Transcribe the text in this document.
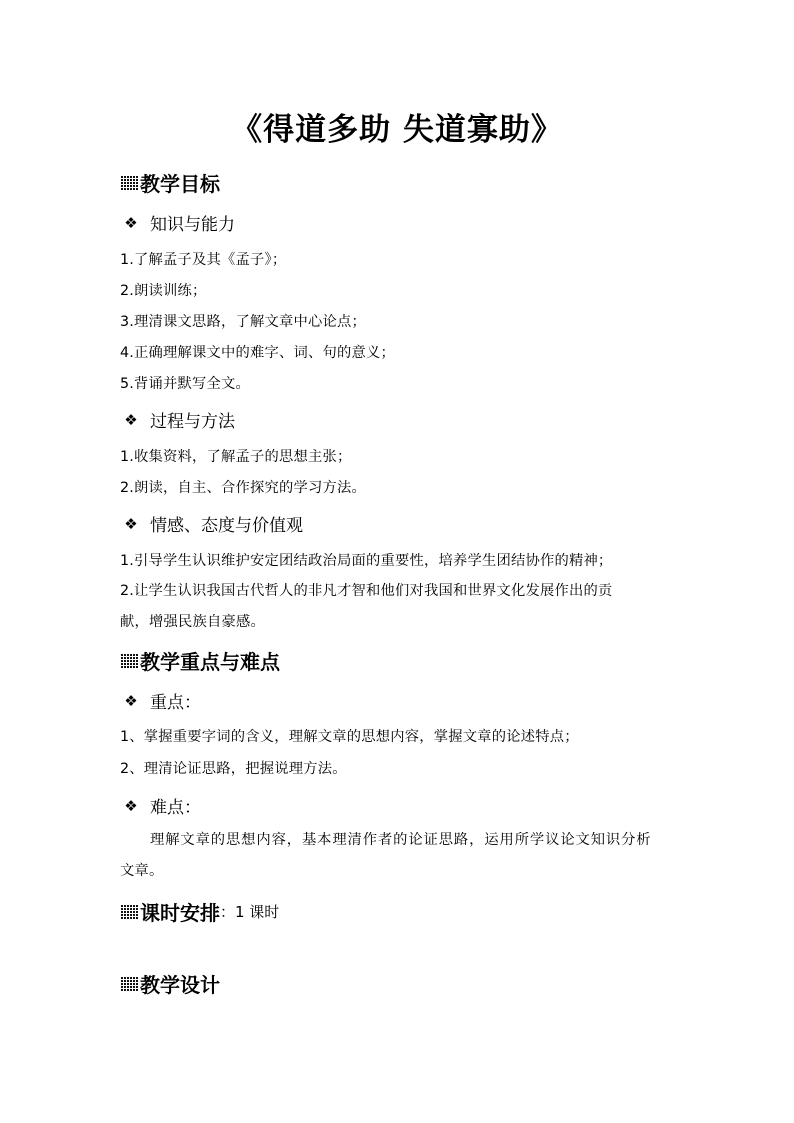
《得道多助 失道寡助》
教学目标
❖ 知识与能力
1.了解孟子及其《孟子》；
2.朗读训练；
3.理清课文思路，了解文章中心论点；
4.正确理解课文中的难字、词、句的意义；
5.背诵并默写全文。
❖ 过程与方法
1.收集资料，了解孟子的思想主张；
2.朗读，自主、合作探究的学习方法。
❖ 情感、态度与价值观
1.引导学生认识维护安定团结政治局面的重要性，培养学生团结协作的精神；
2.让学生认识我国古代哲人的非凡才智和他们对我国和世界文化发展作出的贡
献，增强民族自豪感。
教学重点与难点
❖ 重点：
1、掌握重要字词的含义，理解文章的思想内容，掌握文章的论述特点；
2、理清论证思路，把握说理方法。
❖ 难点：
理解文章的思想内容，基本理清作者的论证思路，运用所学议论文知识分析
文章。
课时安排 ：1 课时
教学设计
